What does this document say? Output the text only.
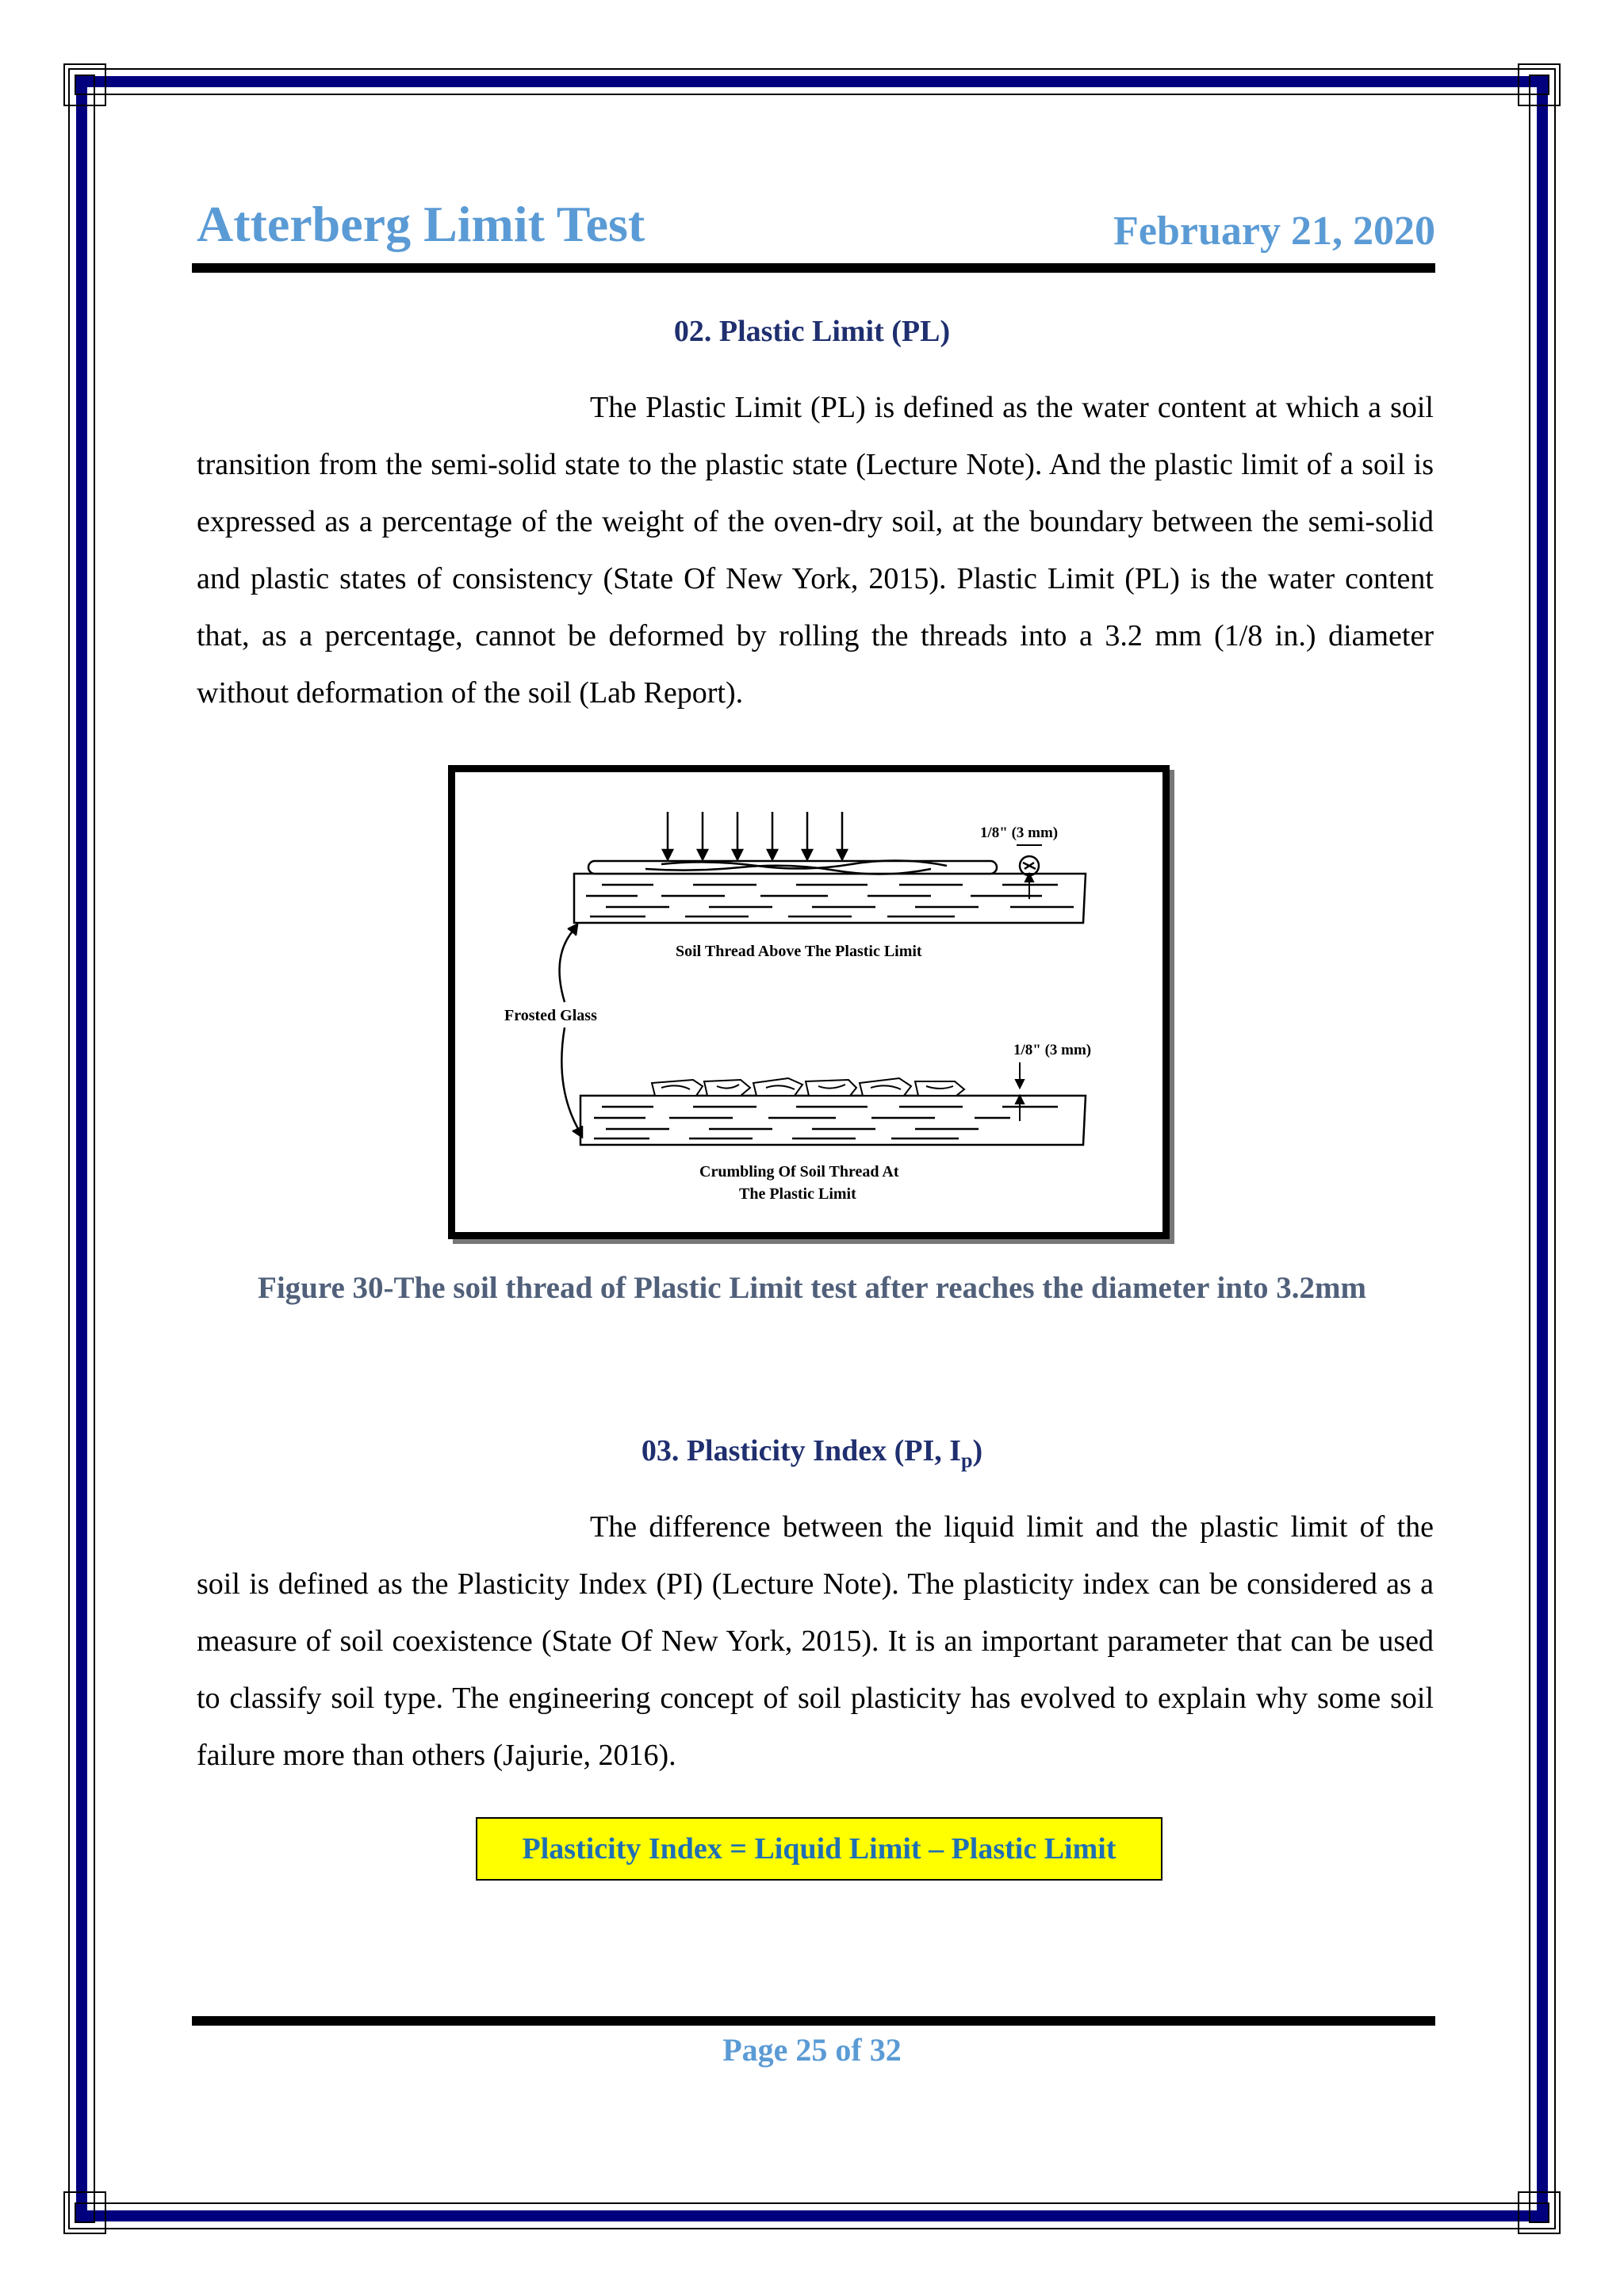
Atterberg Limit Test	February 21, 2020
02. Plastic Limit (PL)
The Plastic Limit (PL) is defined as the water content at which a soil transition from the semi-solid state to the plastic state (Lecture Note). And the plastic limit of a soil is expressed as a percentage of the weight of the oven-dry soil, at the boundary between the semi-solid and plastic states of consistency (State Of New York, 2015). Plastic Limit (PL) is the water content that, as a percentage, cannot be deformed by rolling the threads into a 3.2 mm (1/8 in.) diameter without deformation of the soil (Lab Report).
1/8" (3 mm)
Soil Thread Above The Plastic Limit
Frosted Glass
1/8" (3 mm)
Crumbling Of Soil Thread At
The Plastic Limit
Figure 30-The soil thread of Plastic Limit test after reaches the diameter into 3.2mm
03. Plasticity Index (PI, $I_p$)
The difference between the liquid limit and the plastic limit of the soil is defined as the Plasticity Index (PI) (Lecture Note). The plasticity index can be considered as a measure of soil coexistence (State Of New York, 2015). It is an important parameter that can be used to classify soil type. The engineering concept of soil plasticity has evolved to explain why some soil failure more than others (Jajurie, 2016).
Plasticity Index = Liquid Limit – Plastic Limit
Page 25 of 32
